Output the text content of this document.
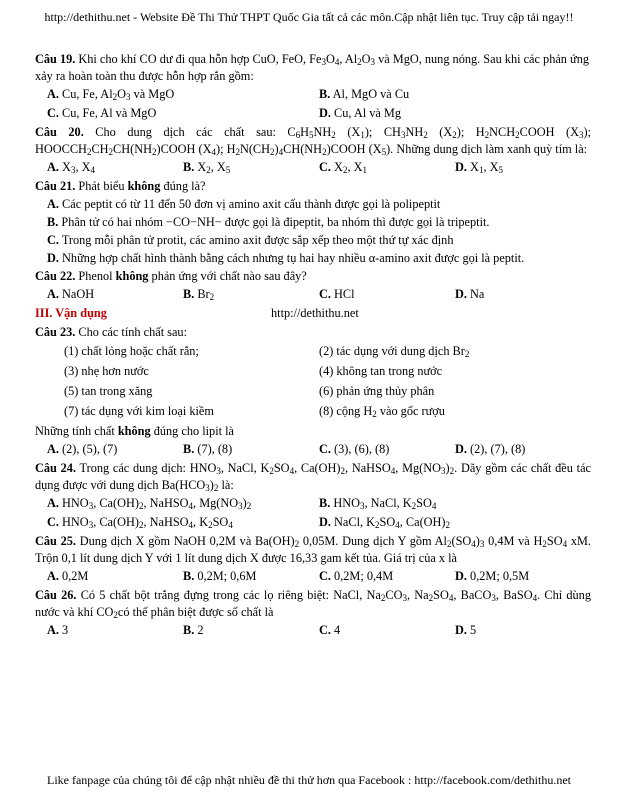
http://dethithu.net - Website Đề Thi Thử THPT Quốc Gia tất cả các môn.Cập nhật liên tục. Truy cập tải ngay!!

Câu 19. Khi cho khí CO dư đi qua hỗn hợp CuO, FeO, $Fe_3O_4$, $Al_2O_3$ và MgO, nung nóng. Sau khi các phản ứng xảy ra hoàn toàn thu được hỗn hợp rắn gồm:

A. Cu, Fe, $Al_2O_3$ và MgO	B. Al, MgO và Cu
C. Cu, Fe, Al và MgO	D. Cu, Al và Mg

Câu 20. Cho dung dịch các chất sau: $C_6H_5NH_2$ $(X_1)$; $CH_3NH_2$ $(X_2)$; $H_2NCH_2COOH$ $(X_3)$; $HOOCCH_2CH_2CH(NH_2)COOH$ $(X_4)$; $H_2N(CH_2)_4CH(NH_2)COOH$ $(X_5)$. Những dung dịch làm xanh quỳ tím là:

A. $X_3$, $X_4$	B. $X_2$, $X_5$	C. $X_2$, $X_1$	D. $X_1$, $X_5$

Câu 21. Phát biểu không đúng là?

A. Các peptit có từ 11 đến 50 đơn vị amino axit cấu thành được gọi là polipeptit
B. Phân tử có hai nhóm −CO−NH− được gọi là đipeptit, ba nhóm thì được gọi là tripeptit.
C. Trong mỗi phân tử protit, các amino axit được sắp xếp theo một thứ tự xác định
D. Những hợp chất hình thành bằng cách nhưng tụ hai hay nhiều α-amino axit được gọi là peptit.

Câu 22. Phenol không phản ứng với chất nào sau đây?

A. NaOH	B. $Br_2$	C. HCl	D. Na
III. Vận dụng	http://dethithu.net

Câu 23. Cho các tính chất sau:

(1) chất lỏng hoặc chất rắn;	(2) tác dụng với dung dịch $Br_2$
(3) nhẹ hơn nước	(4) không tan trong nước
(5) tan trong xăng	(6) phản ứng thủy phân
(7) tác dụng với kim loại kiềm	(8) cộng $H_2$ vào gốc rượu

Những tính chất không đúng cho lipit là

A. (2), (5), (7)	B. (7), (8)	C. (3), (6), (8)	D. (2), (7), (8)

Câu 24. Trong các dung dịch: $HNO_3$, NaCl, $K_2SO_4$, $Ca(OH)_2$, NaHSO$_4$, $Mg(NO_3)_2$. Dãy gồm các chất đều tác dụng được với dung dịch $Ba(HCO_3)_2$ là:

A. $HNO_3$, $Ca(OH)_2$, NaHSO$_4$, $Mg(NO_3)_2$	B. $HNO_3$, NaCl, $K_2SO_4$
C. $HNO_3$, $Ca(OH)_2$, NaHSO$_4$, $K_2SO_4$	D. NaCl, $K_2SO_4$, $Ca(OH)_2$

Câu 25. Dung dịch X gồm NaOH 0,2M và $Ba(OH)_2$ 0,05M. Dung dịch Y gồm $Al_2(SO_4)_3$ 0,4M và $H_2SO_4$ xM. Trộn 0,1 lít dung dịch Y với 1 lít dung dịch X được 16,33 gam kết tủa. Giá trị của x là

A. 0,2M	B. 0,2M; 0,6M	C. 0,2M; 0,4M	D. 0,2M; 0,5M

Câu 26. Có 5 chất bột trắng đựng trong các lọ riêng biệt: NaCl, $Na_2CO_3$, $Na_2SO_4$, BaCO$_3$, BaSO$_4$. Chỉ dùng nước và khí $CO_2có$ thể phân biệt được số chất là

A. 3	B. 2	C. 4	D. 5
Like fanpage của chúng tôi để cập nhật nhiều đề thi thử hơn qua Facebook : http://facebook.com/dethithu.net
